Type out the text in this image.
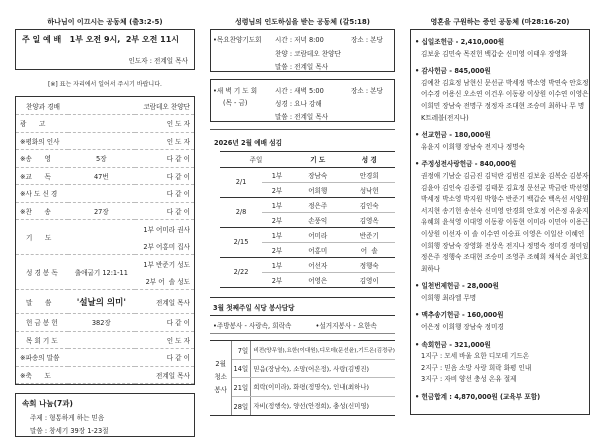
하나님이 이끄시는 공동체 (출3:2-5)
주 일 예 배   1부 오전 9시,  2부 오전 11시
인도자 : 전계일 목사
[※] 표는 자리에서 일어서 주시기 바랍니다.
찬양과 경배		코람데오 찬양단
광      고		인 도 자
※평화의 인사		인 도 자
※송      영	5장	다 같 이
※교      독	47번	다 같 이
※사 도 신 경		다 같 이
※찬      송	27장	다 같 이
기      도		1부 어미라 권사
		2부 어홍미 집사
성 경 봉 독	출애굽기 12:1-11	1부 반준기 성도
		2부 어  솔 성도
말      씀	'설날의 의미'	전계일 목사
헌 금 봉 헌	382장	다 같 이
목 회 기 도		인 도 자
※파송의 말씀		다 같 이
※축      도		전계일 목사
속회 나눔(7과)
주제 : 형통하게 하는 믿음
말씀 : 창세기 39장 1-23절
성령님의 인도하심을 받는 공동체 (갈5:18)
•목요찬양기도회 시간 : 저녁 8:00	장소 : 본당
찬양 : 코람데오 찬양단
말씀 : 전계일 목사
•새 벽 기 도 회
(목 - 금)
시간 : 새벽 5:00	장소 : 본당
성경 : 요나 강해
말씀 : 전계일 목사
2026년 2월 예배 섬김
주일		기 도	성 경
2/1	1부	장남숙	안경희
	2부	어희행	성낙헌
2/8	1부	정은주	김인숙
	2부	손풍익	김영옥
2/15	1부	어미라	반준기
	2부	어홍미	어  솔
2/22	1부	어선자	정행숙
	2부	어영은	김영이
3월 첫째주일 식당 봉사담당
•주방봉사 - 사랑속, 희락속	•설거지봉사 - 요한속
2월
청소
봉사	7일	비전(양무열),요한(이대원),디모데(문선윤),기드온(김정규)
	14일	믿음(장남숙), 소망(어은정), 사랑(김병진)
	21일	희락(이미라), 화평(정명숙), 인내(최하나)
	28일	자비(정행숙), 양선(안경희), 충성(신미영)
영혼을 구원하는 증인 공동체 (마28:16-20)
• 십일조헌금 - 2,410,000원
김보윤 김민숙 목진헌 백갑순 신미영 이태우 장영화
• 감사헌금 - 845,000원
김예찬 김효정 남현신 문선균 박세정 박소영 박연숙 안호정
어수경 어용신 오소연 이건우 이동광 이상원 이수연 이영은
이희민 장남숙 전명구 정정자 조대현 조승미 최하나 무 명
K트레블(전지나)
• 선교헌금 - 180,000원
유윤지 이희행 장남숙 전지나 정명숙
• 주정성전사랑헌금 - 840,000원
권정애 기남순 김금진 김덕란 김범진 김보윤 김복순 김봉자
김윤아 김인숙 김종렬 김태문 김효정 문선균 박금란 박선영
박세정 박소영 박지원 박향수 반준기 백갑순 백옥선 서양원
서지현 송기헌 송선숙 신미영 안경희 안호정 어은정 유윤지
유혜희 윤석영 이대영 이동광 이동현 이미라 이민아 이용근
이상원 이선자 이 솔 이수연 이승표 이영은 이일산 이혜인
이희행 장남숙 장영화 전상옥 전지나 정명숙 정미경 정미임
정은주 정행숙 조대현 조승미 조영주 조혜희 채석순 최인호
최하나
• 일천번제헌금 - 28,000원
이희행 최라엘 무명
• 맥추송기헌금 - 160,000원
어은정 이희행 장남숙 정미경
• 속회헌금 - 321,000원
1지구 : 모세 바울 요한 디모데 기드온
2지구 : 믿음 소망 사랑 희락 화평 인내
3지구 : 자비 양선 충성 온유 절제
• 헌금합계 : 4,870,000원 (교육부 포함)
